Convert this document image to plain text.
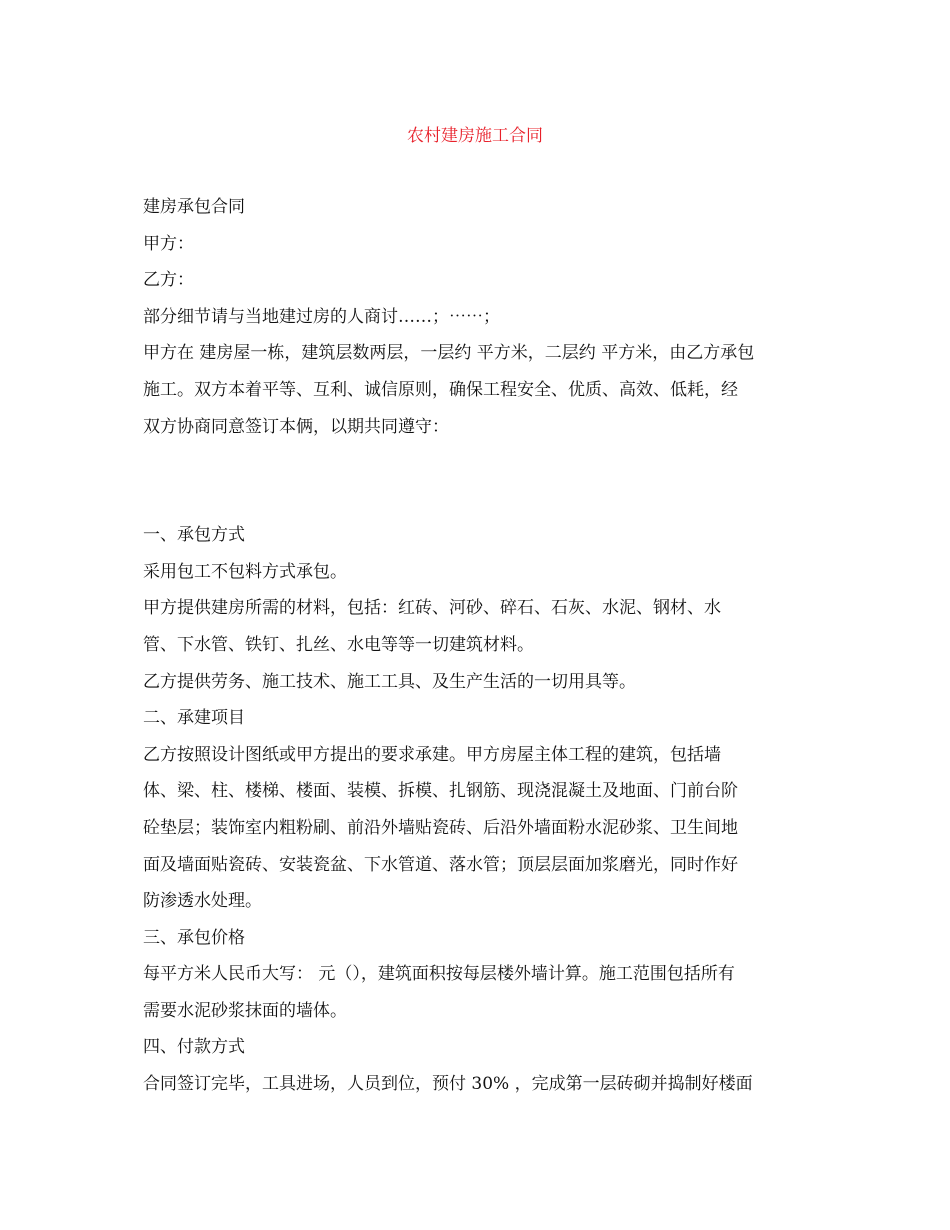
农村建房施工合同
建房承包合同
甲方：
乙方：
部分细节请与当地建过房的人商讨……；⋯⋯；
甲方在 建房屋一栋，建筑层数两层，一层约 平方米，二层约 平方米，由乙方承包
施工。双方本着平等、互利、诚信原则，确保工程安全、优质、高效、低耗，经
双方协商同意签订本俩，以期共同遵守：
一、承包方式
采用包工不包料方式承包。
甲方提供建房所需的材料，包括：红砖、河砂、碎石、石灰、水泥、钢材、水
管、下水管、铁钉、扎丝、水电等等一切建筑材料。
乙方提供劳务、施工技术、施工工具、及生产生活的一切用具等。
二、承建项目
乙方按照设计图纸或甲方提出的要求承建。甲方房屋主体工程的建筑，包括墙
体、梁、柱、楼梯、楼面、装模、拆模、扎钢筋、现浇混凝土及地面、门前台阶
砼垫层；装饰室内粗粉刷、前沿外墙贴瓷砖、后沿外墙面粉水泥砂浆、卫生间地
面及墙面贴瓷砖、安装瓷盆、下水管道、落水管；顶层层面加浆磨光，同时作好
防渗透水处理。
三、承包价格
每平方米人民币大写： 元（），建筑面积按每层楼外墙计算。施工范围包括所有
需要水泥砂浆抹面的墙体。
四、付款方式
合同签订完毕，工具进场，人员到位，预付 30% ，完成第一层砖砌并捣制好楼面
